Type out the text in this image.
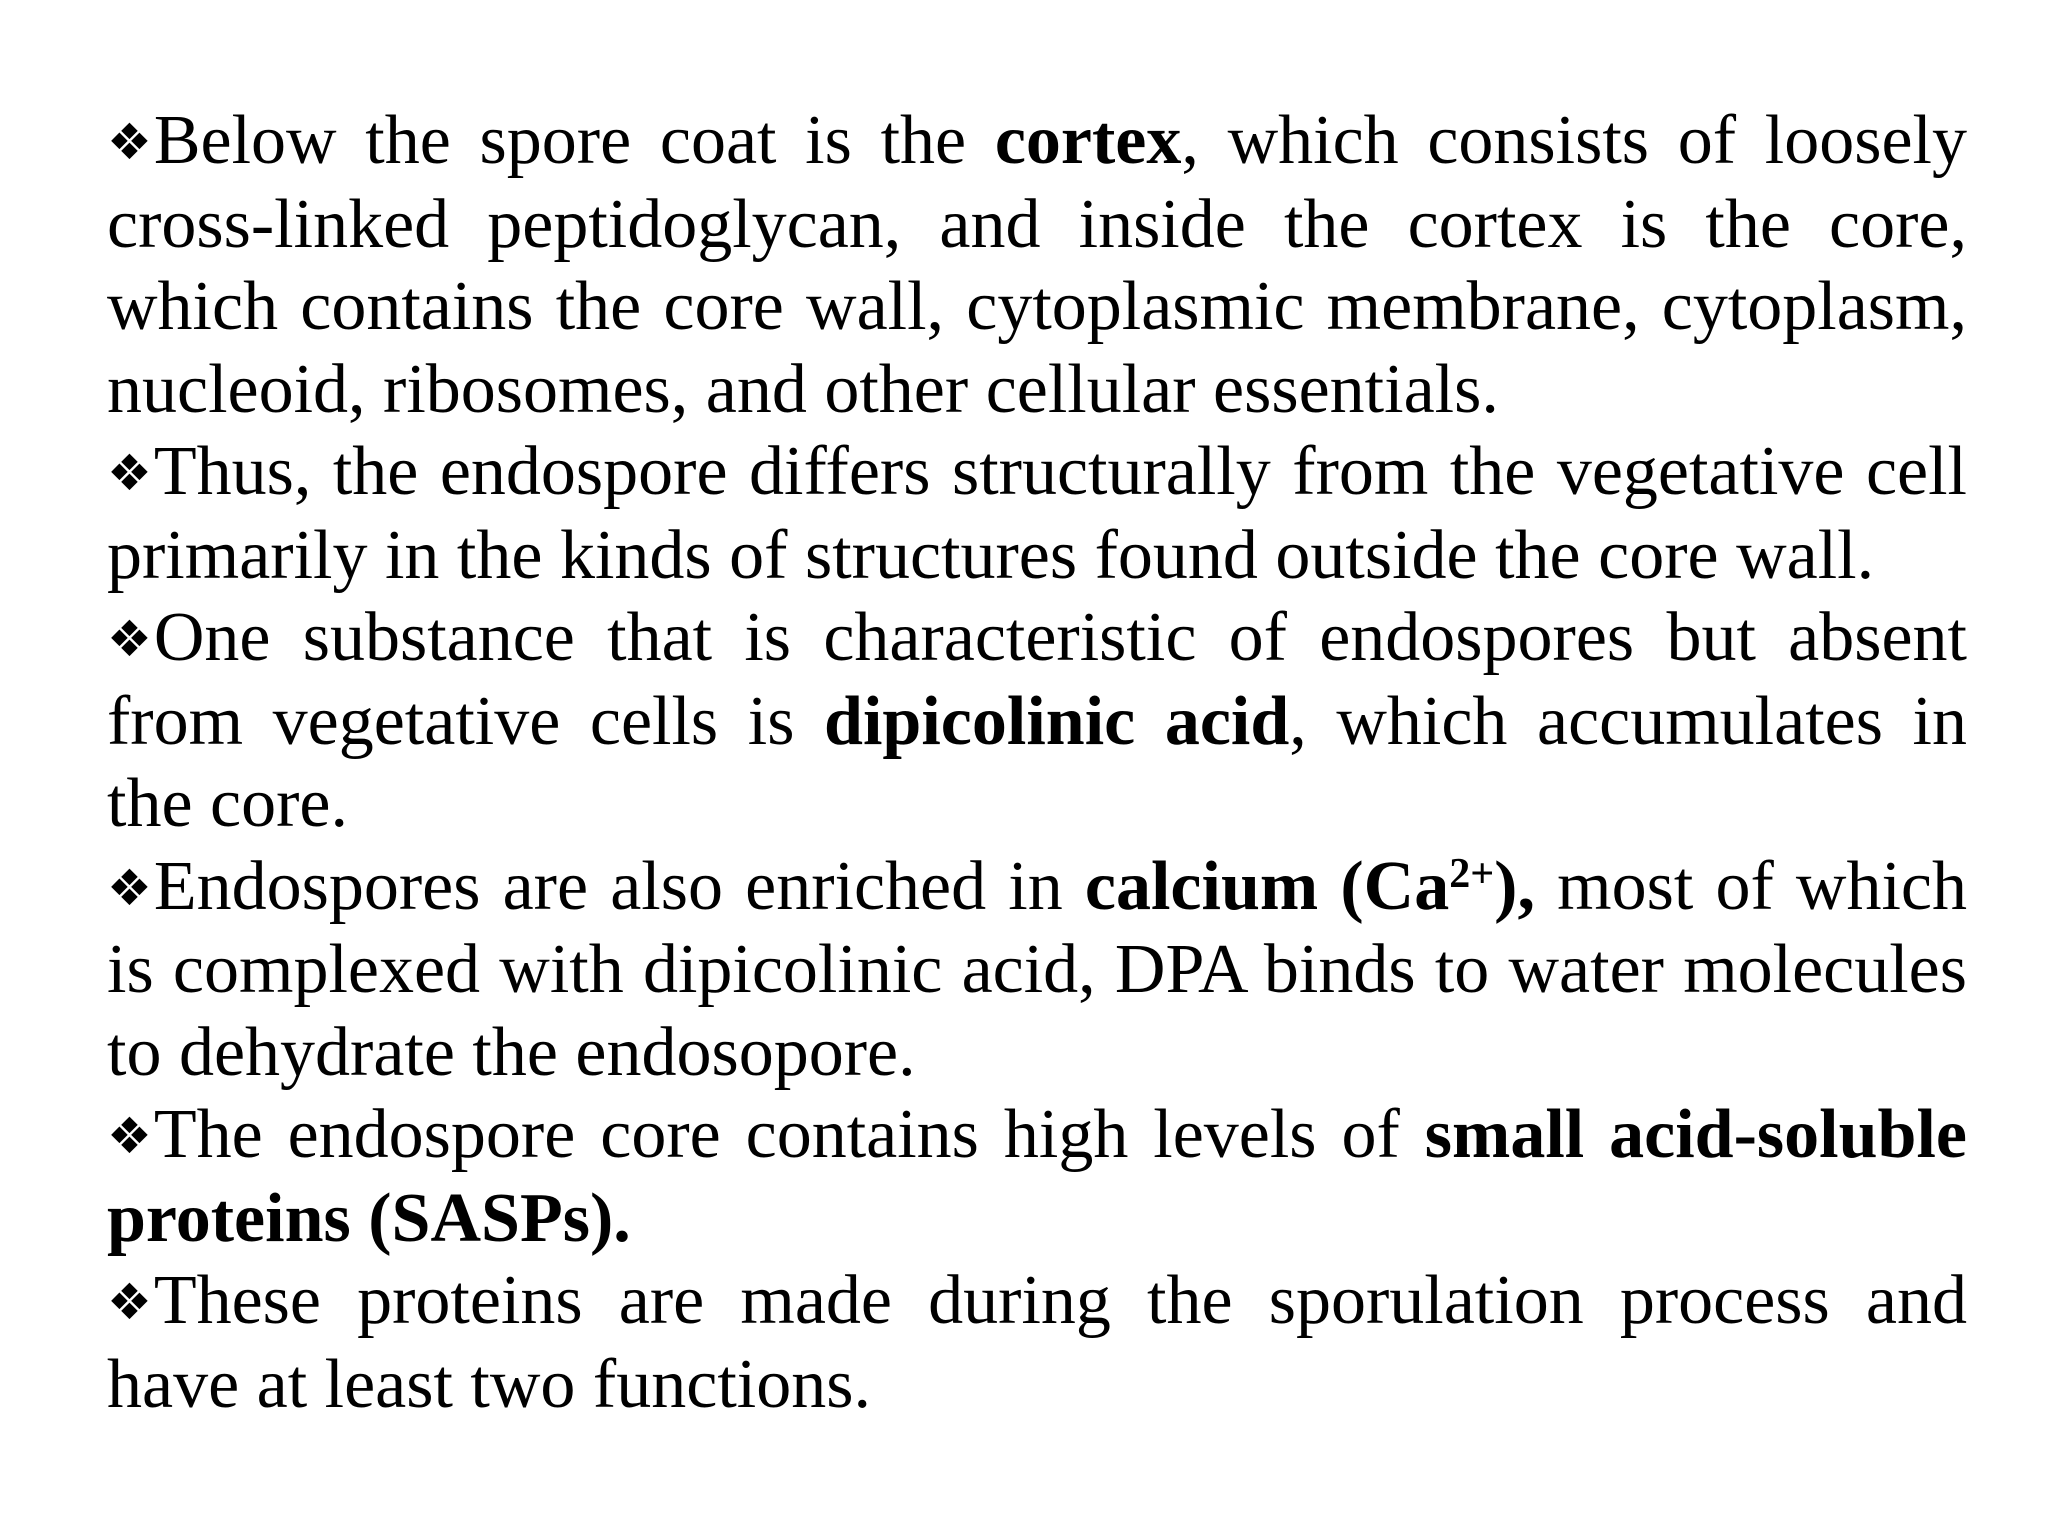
❖Below the spore coat is the cortex, which consists of loosely cross-linked peptidoglycan, and inside the cortex is the core, which contains the core wall, cytoplasmic membrane, cytoplasm, nucleoid, ribosomes, and other cellular essentials.

❖Thus, the endospore differs structurally from the vegetative cell primarily in the kinds of structures found outside the core wall.

❖One substance that is characteristic of endospores but absent from vegetative cells is dipicolinic acid, which accumulates in the core.

❖Endospores are also enriched in calcium $(Ca^{2+})$, most of which is complexed with dipicolinic acid, DPA binds to water molecules to dehydrate the endosopore.

❖The endospore core contains high levels of small acid-soluble proteins (SASPs).

❖These proteins are made during the sporulation process and have at least two functions.
